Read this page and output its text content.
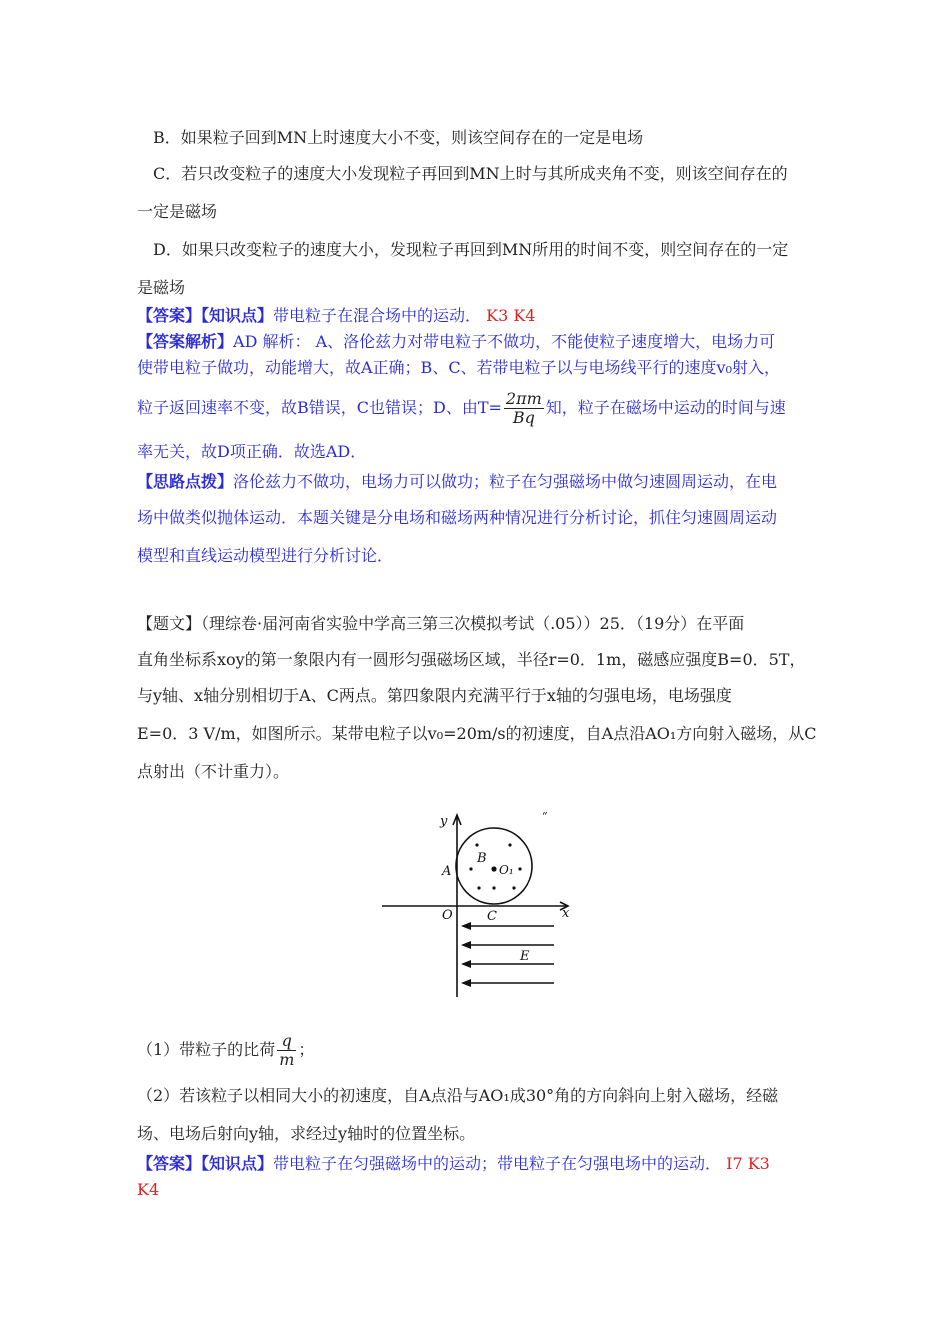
B．如果粒子回到MN上时速度大小不变，则该空间存在的一定是电场
C．若只改变粒子的速度大小发现粒子再回到MN上时与其所成夹角不变，则该空间存在的
一定是磁场
D．如果只改变粒子的速度大小，发现粒子再回到MN所用的时间不变，则空间存在的一定
是磁场
【答案】【知识点】带电粒子在混合场中的运动． K3 K4
【答案解析】AD 解析： A、洛伦兹力对带电粒子不做功，不能使粒子速度增大，电场力可
使带电粒子做功，动能增大，故A正确；B、C、若带电粒子以与电场线平行的速度v₀射入，
粒子返回速率不变，故B错误，C也错误；D、由$T= \frac{2\pi m}{Bq}$ 知，粒子在磁场中运动的时间与速
率无关，故D项正确．故选AD．
【思路点拨】洛伦兹力不做功，电场力可以做功；粒子在匀强磁场中做匀速圆周运动，在电
场中做类似抛体运动．本题关键是分电场和磁场两种情况进行分析讨论，抓住匀速圆周运动
模型和直线运动模型进行分析讨论．
【题文】（理综卷·届河南省实验中学高三第三次模拟考试（.05））25．（19分）在平面
直角坐标系xoy的第一象限内有一圆形匀强磁场区域，半径r=0．1m，磁感应强度B=0．5T，
与y轴、x轴分别相切于A、C两点。第四象限内充满平行于x轴的匀强电场，电场强度
E=0．3 V/m，如图所示。某带电粒子以v₀=20m/s的初速度，自A点沿AO₁方向射入磁场，从C
点射出（不计重力）。
y
x
O
A
B
C
O₁
E
“
（1）带粒子的比荷 $\frac{q}{m}$ ；
（2）若该粒子以相同大小的初速度，自A点沿与AO₁成30°角的方向斜向上射入磁场，经磁
场、电场后射向y轴，求经过y轴时的位置坐标。
【答案】【知识点】带电粒子在匀强磁场中的运动；带电粒子在匀强电场中的运动． I7 K3
K4
